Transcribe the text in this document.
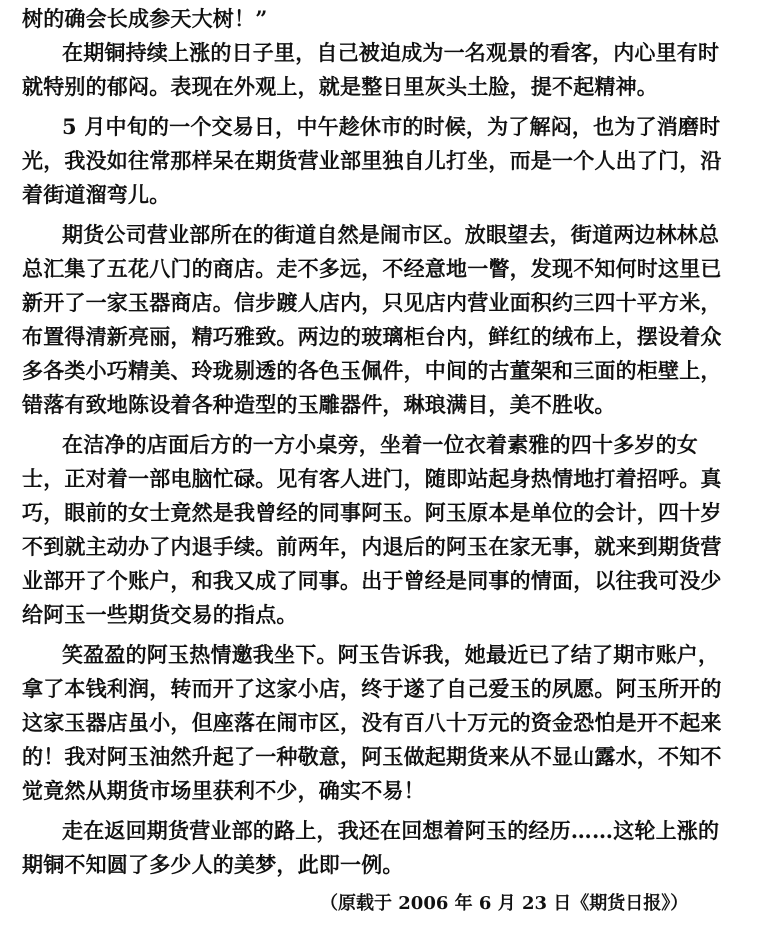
树的确会长成参天大树！”
在期铜持续上涨的日子里，自己被迫成为一名观景的看客，内心里有时
就特别的郁闷。表现在外观上，就是整日里灰头土脸，提不起精神。
5 月中旬的一个交易日，中午趁休市的时候，为了解闷，也为了消磨时
光，我没如往常那样呆在期货营业部里独自儿打坐，而是一个人出了门，沿
着街道溜弯儿。
期货公司营业部所在的街道自然是闹市区。放眼望去，街道两边林林总
总汇集了五花八门的商店。走不多远，不经意地一瞥，发现不知何时这里已
新开了一家玉器商店。信步踱人店内，只见店内营业面积约三四十平方米，
布置得清新亮丽，精巧雅致。两边的玻璃柜台内，鲜红的绒布上，摆设着众
多各类小巧精美、玲珑剔透的各色玉佩件，中间的古董架和三面的柜壁上，
错落有致地陈设着各种造型的玉雕器件，琳琅满目，美不胜收。
在洁净的店面后方的一方小桌旁，坐着一位衣着素雅的四十多岁的女
士，正对着一部电脑忙碌。见有客人进门，随即站起身热情地打着招呼。真
巧，眼前的女士竟然是我曾经的同事阿玉。阿玉原本是单位的会计，四十岁
不到就主动办了内退手续。前两年，内退后的阿玉在家无事，就来到期货营
业部开了个账户，和我又成了同事。出于曾经是同事的情面，以往我可没少
给阿玉一些期货交易的指点。
笑盈盈的阿玉热情邀我坐下。阿玉告诉我，她最近已了结了期市账户，
拿了本钱利润，转而开了这家小店，终于遂了自己爱玉的夙愿。阿玉所开的
这家玉器店虽小，但座落在闹市区，没有百八十万元的资金恐怕是开不起来
的！我对阿玉油然升起了一种敬意，阿玉做起期货来从不显山露水，不知不
觉竟然从期货市场里获利不少，确实不易！
走在返回期货营业部的路上，我还在回想着阿玉的经历……这轮上涨的
期铜不知圆了多少人的美梦，此即一例。
（原载于 2006 年 6 月 23 日《期货日报》）
